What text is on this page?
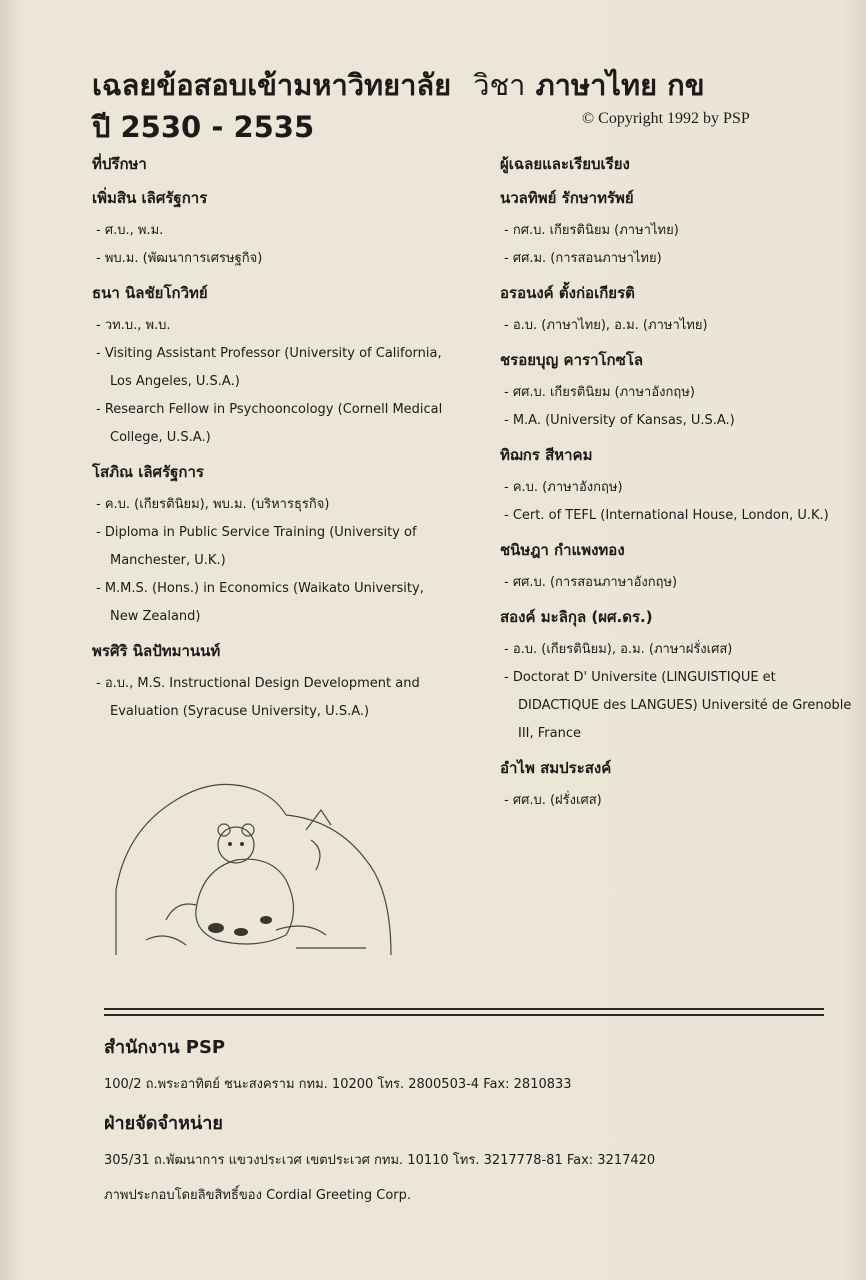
เฉลยข้อสอบเข้ามหาวิทยาลัย วิชา ภาษาไทย กข
ปี 2530 - 2535	© Copyright 1992 by PSP
ที่ปรึกษา
เพิ่มสิน เลิศรัฐการ
- ศ.บ., พ.ม.
- พบ.ม. (พัฒนาการเศรษฐกิจ)
ธนา นิลชัยโกวิทย์
- วท.บ., พ.บ.
- Visiting Assistant Professor (University of California, Los Angeles, U.S.A.)
- Research Fellow in Psychooncology (Cornell Medical College, U.S.A.)
โสภิณ เลิศรัฐการ
- ค.บ. (เกียรตินิยม), พบ.ม. (บริหารธุรกิจ)
- Diploma in Public Service Training (University of Manchester, U.K.)
- M.M.S. (Hons.) in Economics (Waikato University, New Zealand)
พรศิริ นิลปัทมานนท์
- อ.บ., M.S. Instructional Design Development and Evaluation (Syracuse University, U.S.A.)
ผู้เฉลยและเรียบเรียง
นวลทิพย์ รักษาทรัพย์
- กศ.บ. เกียรตินิยม (ภาษาไทย)
- ศศ.ม. (การสอนภาษาไทย)
อรอนงค์ ตั้งก่อเกียรติ
- อ.บ. (ภาษาไทย), อ.ม. (ภาษาไทย)
ชรอยบุญ คาราโกซโล
- ศศ.บ. เกียรตินิยม (ภาษาอังกฤษ)
- M.A. (University of Kansas, U.S.A.)
ทิฌกร สีหาคม
- ค.บ. (ภาษาอังกฤษ)
- Cert. of TEFL (International House, London, U.K.)
ชนิษฎา กำแพงทอง
- ศศ.บ. (การสอนภาษาอังกฤษ)
สองค์ มะลิกุล (ผศ.ดร.)
- อ.บ. (เกียรตินิยม), อ.ม. (ภาษาฝรั่งเศส)
- Doctorat D' Universite (LINGUISTIQUE et DIDACTIQUE des LANGUES) Université de Grenoble III, France
อำไพ สมประสงค์
- ศศ.บ. (ฝรั่งเศส)
สำนักงาน PSP
100/2 ถ.พระอาทิตย์ ชนะสงคราม กทม. 10200 โทร. 2800503-4 Fax: 2810833
ฝ่ายจัดจำหน่าย
305/31 ถ.พัฒนาการ แขวงประเวศ เขตประเวศ กทม. 10110 โทร. 3217778-81 Fax: 3217420
ภาพประกอบโดยลิขสิทธิ์ของ Cordial Greeting Corp.
